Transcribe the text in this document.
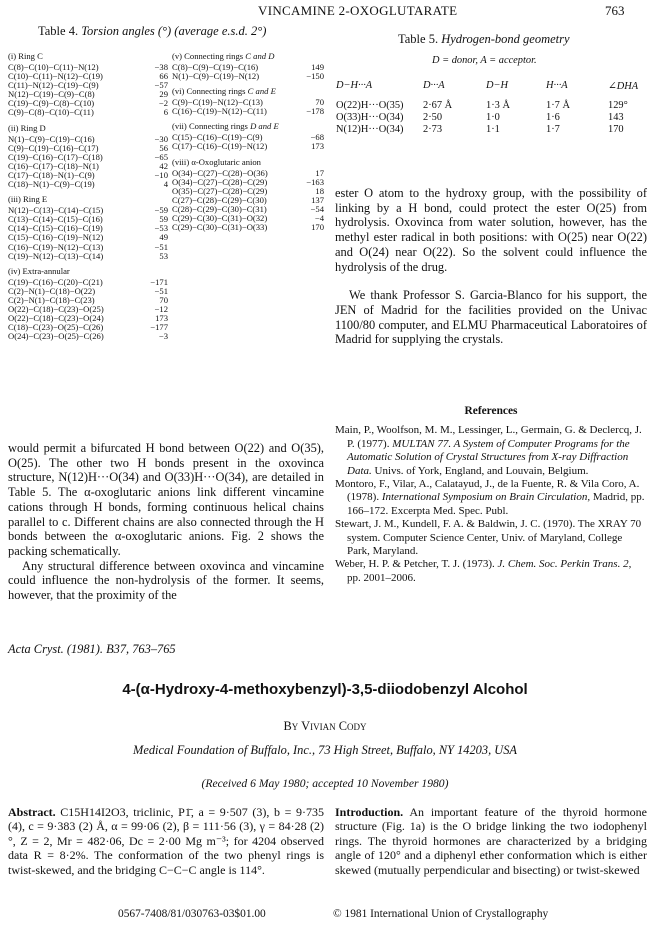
VINCAMINE 2-OXOGLUTARATE	763
Table 4. Torsion angles (°) (average e.s.d. 2°)
(i) Ring C
C(8)−C(10)−C(11)−N(12)	−38
C(10)−C(11)−N(12)−C(19)	66
C(11)−N(12)−C(19)−C(9)	−57
N(12)−C(19)−C(9)−C(8)	29
C(19)−C(9)−C(8)−C(10)	−2
C(9)−C(8)−C(10)−C(11)	6
(ii) Ring D
N(1)−C(9)−C(19)−C(16)	−30
C(9)−C(19)−C(16)−C(17)	56
C(19)−C(16)−C(17)−C(18)	−65
C(16)−C(17)−C(18)−N(1)	42
C(17)−C(18)−N(1)−C(9)	−10
C(18)−N(1)−C(9)−C(19)	4
(iii) Ring E
N(12)−C(13)−C(14)−C(15)	−59
C(13)−C(14)−C(15)−C(16)	59
C(14)−C(15)−C(16)−C(19)	−53
C(15)−C(16)−C(19)−N(12)	49
C(16)−C(19)−N(12)−C(13)	−51
C(19)−N(12)−C(13)−C(14)	53
(iv) Extra-annular
C(19)−C(16)−C(20)−C(21)	−171
C(2)−N(1)−C(18)−O(22)	−51
C(2)−N(1)−C(18)−C(23)	70
O(22)−C(18)−C(23)−O(25)	−12
O(22)−C(18)−C(23)−O(24)	173
C(18)−C(23)−O(25)−C(26)	−177
O(24)−C(23)−O(25)−C(26)	−3
(v) Connecting rings C and D
C(8)−C(9)−C(19)−C(16)	149
N(1)−C(9)−C(19)−N(12)	−150
(vi) Connecting rings C and E
C(9)−C(19)−N(12)−C(13)	70
C(16)−C(19)−N(12)−C(11)	−178
(vii) Connecting rings D and E
C(15)−C(16)−C(19)−C(9)	−68
C(17)−C(16)−C(19)−N(12)	173
(viii) α-Oxoglutaric anion
O(34)−C(27)−C(28)−O(36)	17
O(34)−C(27)−C(28)−C(29)	−163
O(35)−C(27)−C(28)−C(29)	18
C(27)−C(28)−C(29)−C(30)	137
C(28)−C(29)−C(30)−C(31)	−54
C(29)−C(30)−C(31)−O(32)	−4
C(29)−C(30)−C(31)−O(33)	170
Table 5. Hydrogen-bond geometry
D = donor, A = acceptor.
D−H···A	D···A	D−H	H···A	∠DHA
O(22)H···O(35) 2·67 Å	1·3 Å	1·7 Å	129°
O(33)H···O(34) 2·50	1·0	1·6	143
N(12)H···O(34) 2·73	1·1	1·7	170

ester O atom to the hydroxy group, with the possibility of linking by a H bond, could protect the ester O(25) from hydrolysis. Oxovinca from water solution, however, has the methyl ester radical in both positions: with O(25) near O(22) and O(24) near O(22). So the solvent could influence the hydrolysis of the drug.

We thank Professor S. Garcia-Blanco for his support, the JEN of Madrid for the facilities provided on the Univac 1100/80 computer, and ELMU Pharmaceutical Laboratoires of Madrid for supplying the crystals.

References

Main, P., Woolfson, M. M., Lessinger, L., Germain, G. & Declercq, J. P. (1977). MULTAN 77. A System of Computer Programs for the Automatic Solution of Crystal Structures from X-ray Diffraction Data. Univs. of York, England, and Louvain, Belgium.

Montoro, F., Vilar, A., Calatayud, J., de la Fuente, R. & Vila Coro, A. (1978). International Symposium on Brain Circulation, Madrid, pp. 166–172. Excerpta Med. Spec. Publ.

Stewart, J. M., Kundell, F. A. & Baldwin, J. C. (1970). The XRAY 70 system. Computer Science Center, Univ. of Maryland, College Park, Maryland.

Weber, H. P. & Petcher, T. J. (1973). J. Chem. Soc. Perkin Trans. 2, pp. 2001–2006.

would permit a bifurcated H bond between O(22) and O(35), O(25). The other two H bonds present in the oxovinca structure, N(12)H···O(34) and O(33)H···O(34), are detailed in Table 5. The α-oxoglutaric anions link different vincamine cations through H bonds, forming continuous helical chains parallel to c. Different chains are also connected through the H bonds between the α-oxoglutaric anions. Fig. 2 shows the packing schematically.

Any structural difference between oxovinca and vincamine could influence the non-hydrolysis of the former. It seems, however, that the proximity of the

Acta Cryst. (1981). B37, 763–765
4-(α-Hydroxy-4-methoxybenzyl)-3,5-diiodobenzyl Alcohol
By Vivian Cody
Medical Foundation of Buffalo, Inc., 73 High Street, Buffalo, NY 14203, USA
(Received 6 May 1980; accepted 10 November 1980)
Abstract. C15H14I2O3, triclinic, P1̄, a = 9·507 (3), b = 9·735 (4), c = 9·383 (2) Å, α = 99·06 (2), β = 111·56 (3), γ = 84·28 (2)°, Z = 2, Mr = 482·06, Dc = 2·00 Mg m⁻³; for 4204 observed data R = 8·2%. The conformation of the two phenyl rings is twist-skewed, and the bridging C−C−C angle is 114°.
Introduction. An important feature of the thyroid hormone structure (Fig. 1a) is the O bridge linking the two iodophenyl rings. The thyroid hormones are characterized by a bridging angle of 120° and a diphenyl ether conformation which is either skewed (mutually perpendicular and bisecting) or twist-skewed
0567-7408/81/030763-03$01.00	© 1981 International Union of Crystallography
